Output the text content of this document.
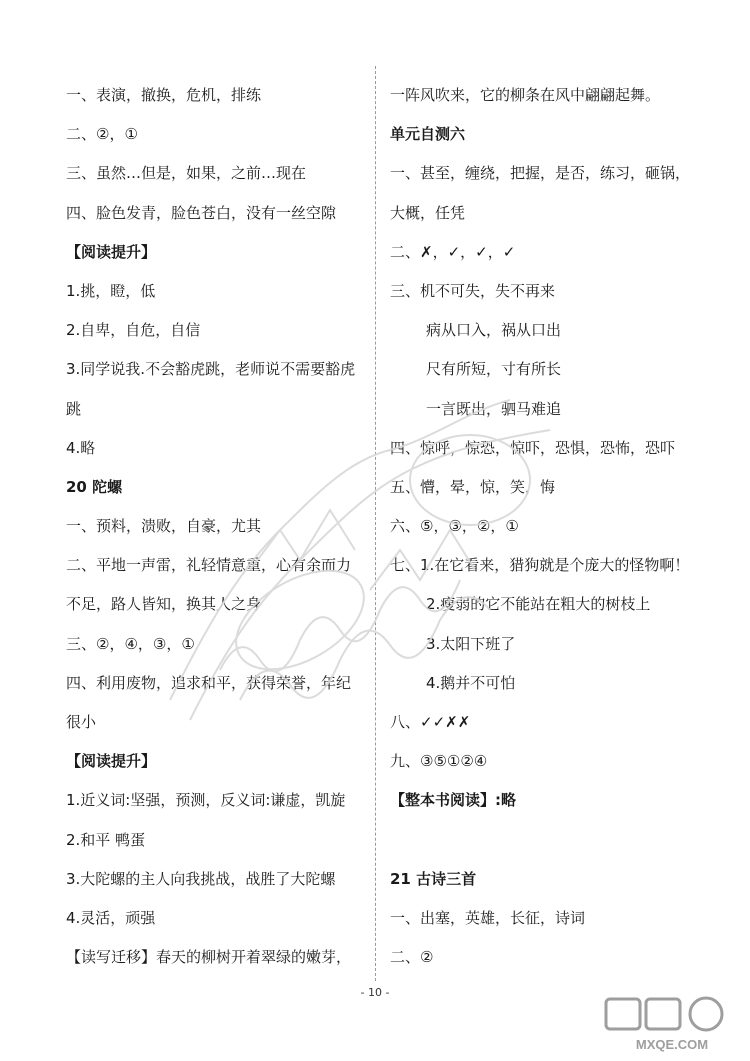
一、表演，撤换，危机，排练
二、②，①
三、虽然…但是，如果，之前…现在
四、脸色发青，脸色苍白，没有一丝空隙
【阅读提升】
1.挑，瞪，低
2.自卑，自危，自信
3.同学说我.不会豁虎跳，老师说不需要豁虎
跳
4.略
20 陀螺
一、预料，溃败，自豪，尤其
二、平地一声雷，礼轻情意重，心有余而力
不足，路人皆知，换其人之身
三、②，④，③，①
四、利用废物，追求和平，获得荣誉，年纪
很小
【阅读提升】
1.近义词:坚强，预测，反义词:谦虚，凯旋
2.和平 鸭蛋
3.大陀螺的主人向我挑战，战胜了大陀螺
4.灵活，顽强
【读写迁移】春天的柳树开着翠绿的嫩芽，
一阵风吹来，它的柳条在风中翩翩起舞。
单元自测六
一、甚至，缠绕，把握，是否，练习，砸锅，
大概，任凭
二、✗，✓，✓，✓
三、机不可失，失不再来
病从口入，祸从口出
尺有所短，寸有所长
一言既出，驷马难追
四、惊呼，惊恐，惊吓，恐惧，恐怖，恐吓
五、懵，晕，惊，笑，悔
六、⑤，③，②，①
七、1.在它看来，猎狗就是个庞大的怪物啊！
2.瘦弱的它不能站在粗大的树枝上
3.太阳下班了
4.鹅并不可怕
八、✓✓✗✗
九、③⑤①②④
【整本书阅读】:略
21 古诗三首
一、出塞，英雄，长征，诗词
二、②
- 10 -
MXQE.COM
